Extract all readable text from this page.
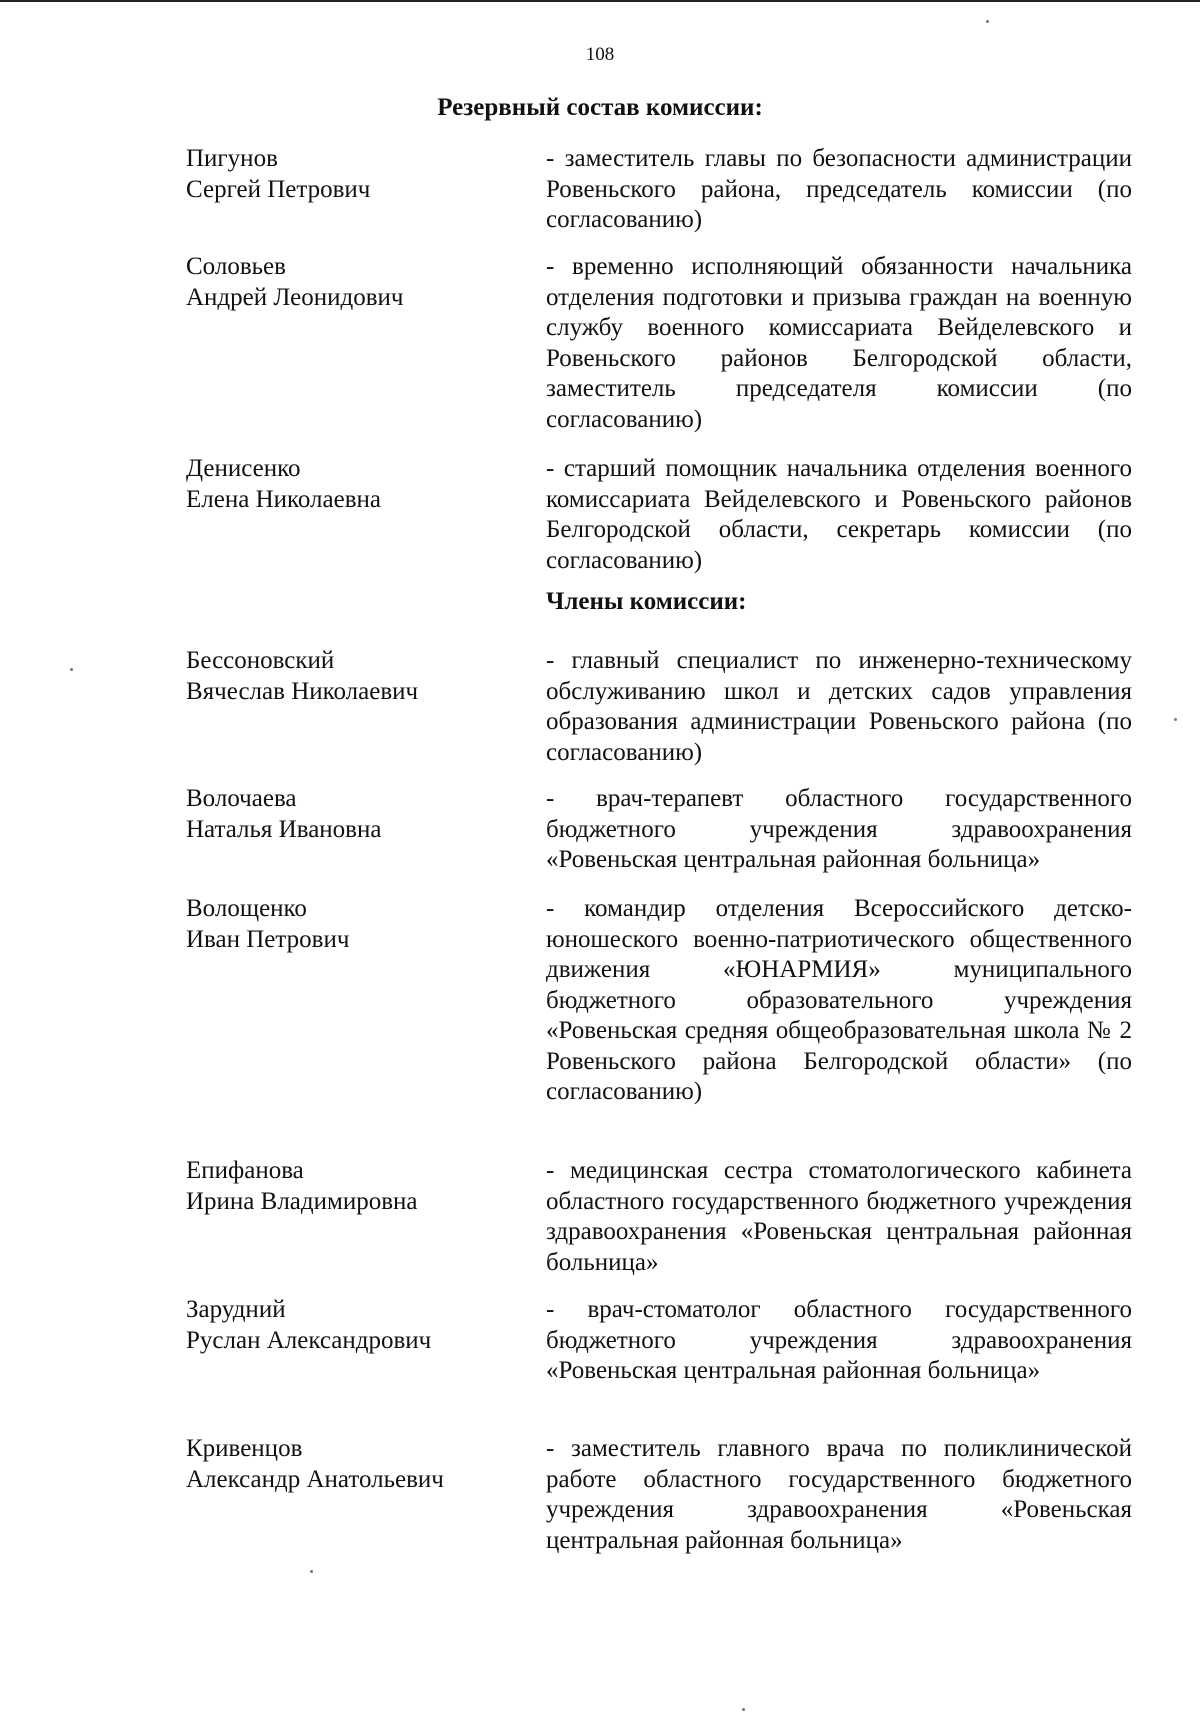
108
Резервный состав комиссии:
Пигунов
Сергей Петрович
- заместитель главы по безопасности администрации Ровеньского района, председатель комиссии (по согласованию)
Соловьев
Андрей Леонидович
- временно исполняющий обязанности начальника отделения подготовки и призыва граждан на военную службу военного комиссариата Вейделевского и Ровеньского районов Белгородской области, заместитель председателя комиссии (по согласованию)
Денисенко
Елена Николаевна
- старший помощник начальника отделения военного комиссариата Вейделевского и Ровеньского районов Белгородской области, секретарь комиссии (по согласованию)
Члены комиссии:
Бессоновский
Вячеслав Николаевич
- главный специалист по инженерно-техническому обслуживанию школ и детских садов управления образования администрации Ровеньского района (по согласованию)
Волочаева
Наталья Ивановна
- врач-терапевт областного государственного бюджетного учреждения здравоохранения «Ровеньская центральная районная больница»
Волощенко
Иван Петрович
- командир отделения Всероссийского детско-юношеского военно-патриотического общественного движения «ЮНАРМИЯ» муниципального бюджетного образовательного учреждения «Ровеньская средняя общеобразовательная школа № 2 Ровеньского района Белгородской области» (по согласованию)
Епифанова
Ирина Владимировна
- медицинская сестра стоматологического кабинета областного государственного бюджетного учреждения здравоохранения «Ровеньская центральная районная больница»
Зарудний
Руслан Александрович
- врач-стоматолог областного государственного бюджетного учреждения здравоохранения «Ровеньская центральная районная больница»
Кривенцов
Александр Анатольевич
- заместитель главного врача по поликлинической работе областного государственного бюджетного учреждения здравоохранения «Ровеньская центральная районная больница»
